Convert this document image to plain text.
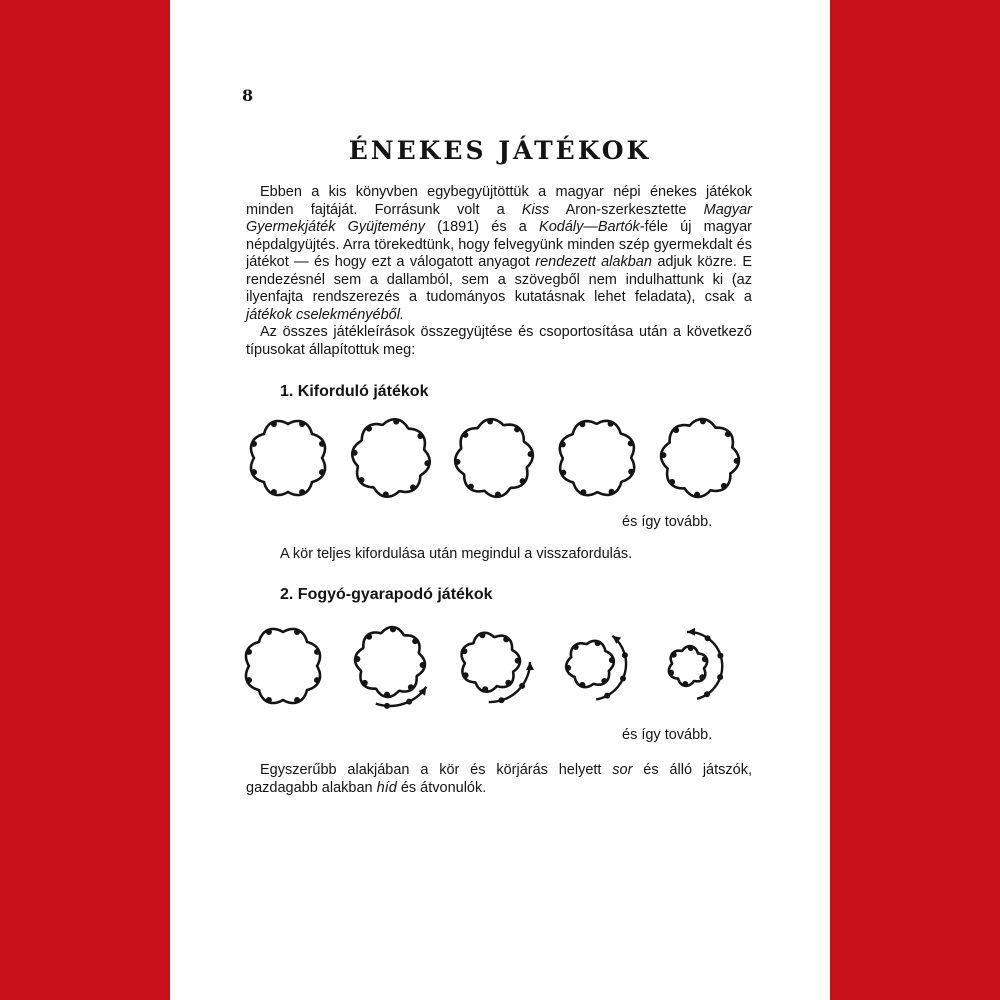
8
ÉNEKES JÁTÉKOK

Ebben a kis könyvben egybegyüjtöttük a magyar népi énekes játékok minden fajtáját. Forrásunk volt a Kiss Aron-szerkesztette Magyar Gyermekjáték Gyüjtemény (1891) és a Kodály—Bartók-féle új magyar népdalgyüjtés. Arra törekedtünk, hogy felvegyünk minden szép gyermekdalt és játékot — és hogy ezt a válogatott anyagot rendezett alakban adjuk közre. E rendezésnél sem a dallamból, sem a szövegből nem indulhattunk ki (az ilyenfajta rendszerezés a tudományos kutatásnak lehet feladata), csak a játékok cselekményéből.

Az összes játékleírások összegyüjtése és csoportosítása után a következő típusokat állapítottuk meg:

1. Kiforduló játékok
és így tovább.
A kör teljes kifordulása után megindul a visszafordulás.
2. Fogyó-gyarapodó játékok
és így tovább.

Egyszerűbb alakjában a kör és körjárás helyett sor és álló játszók, gazdagabb alakban híd és átvonulók.
